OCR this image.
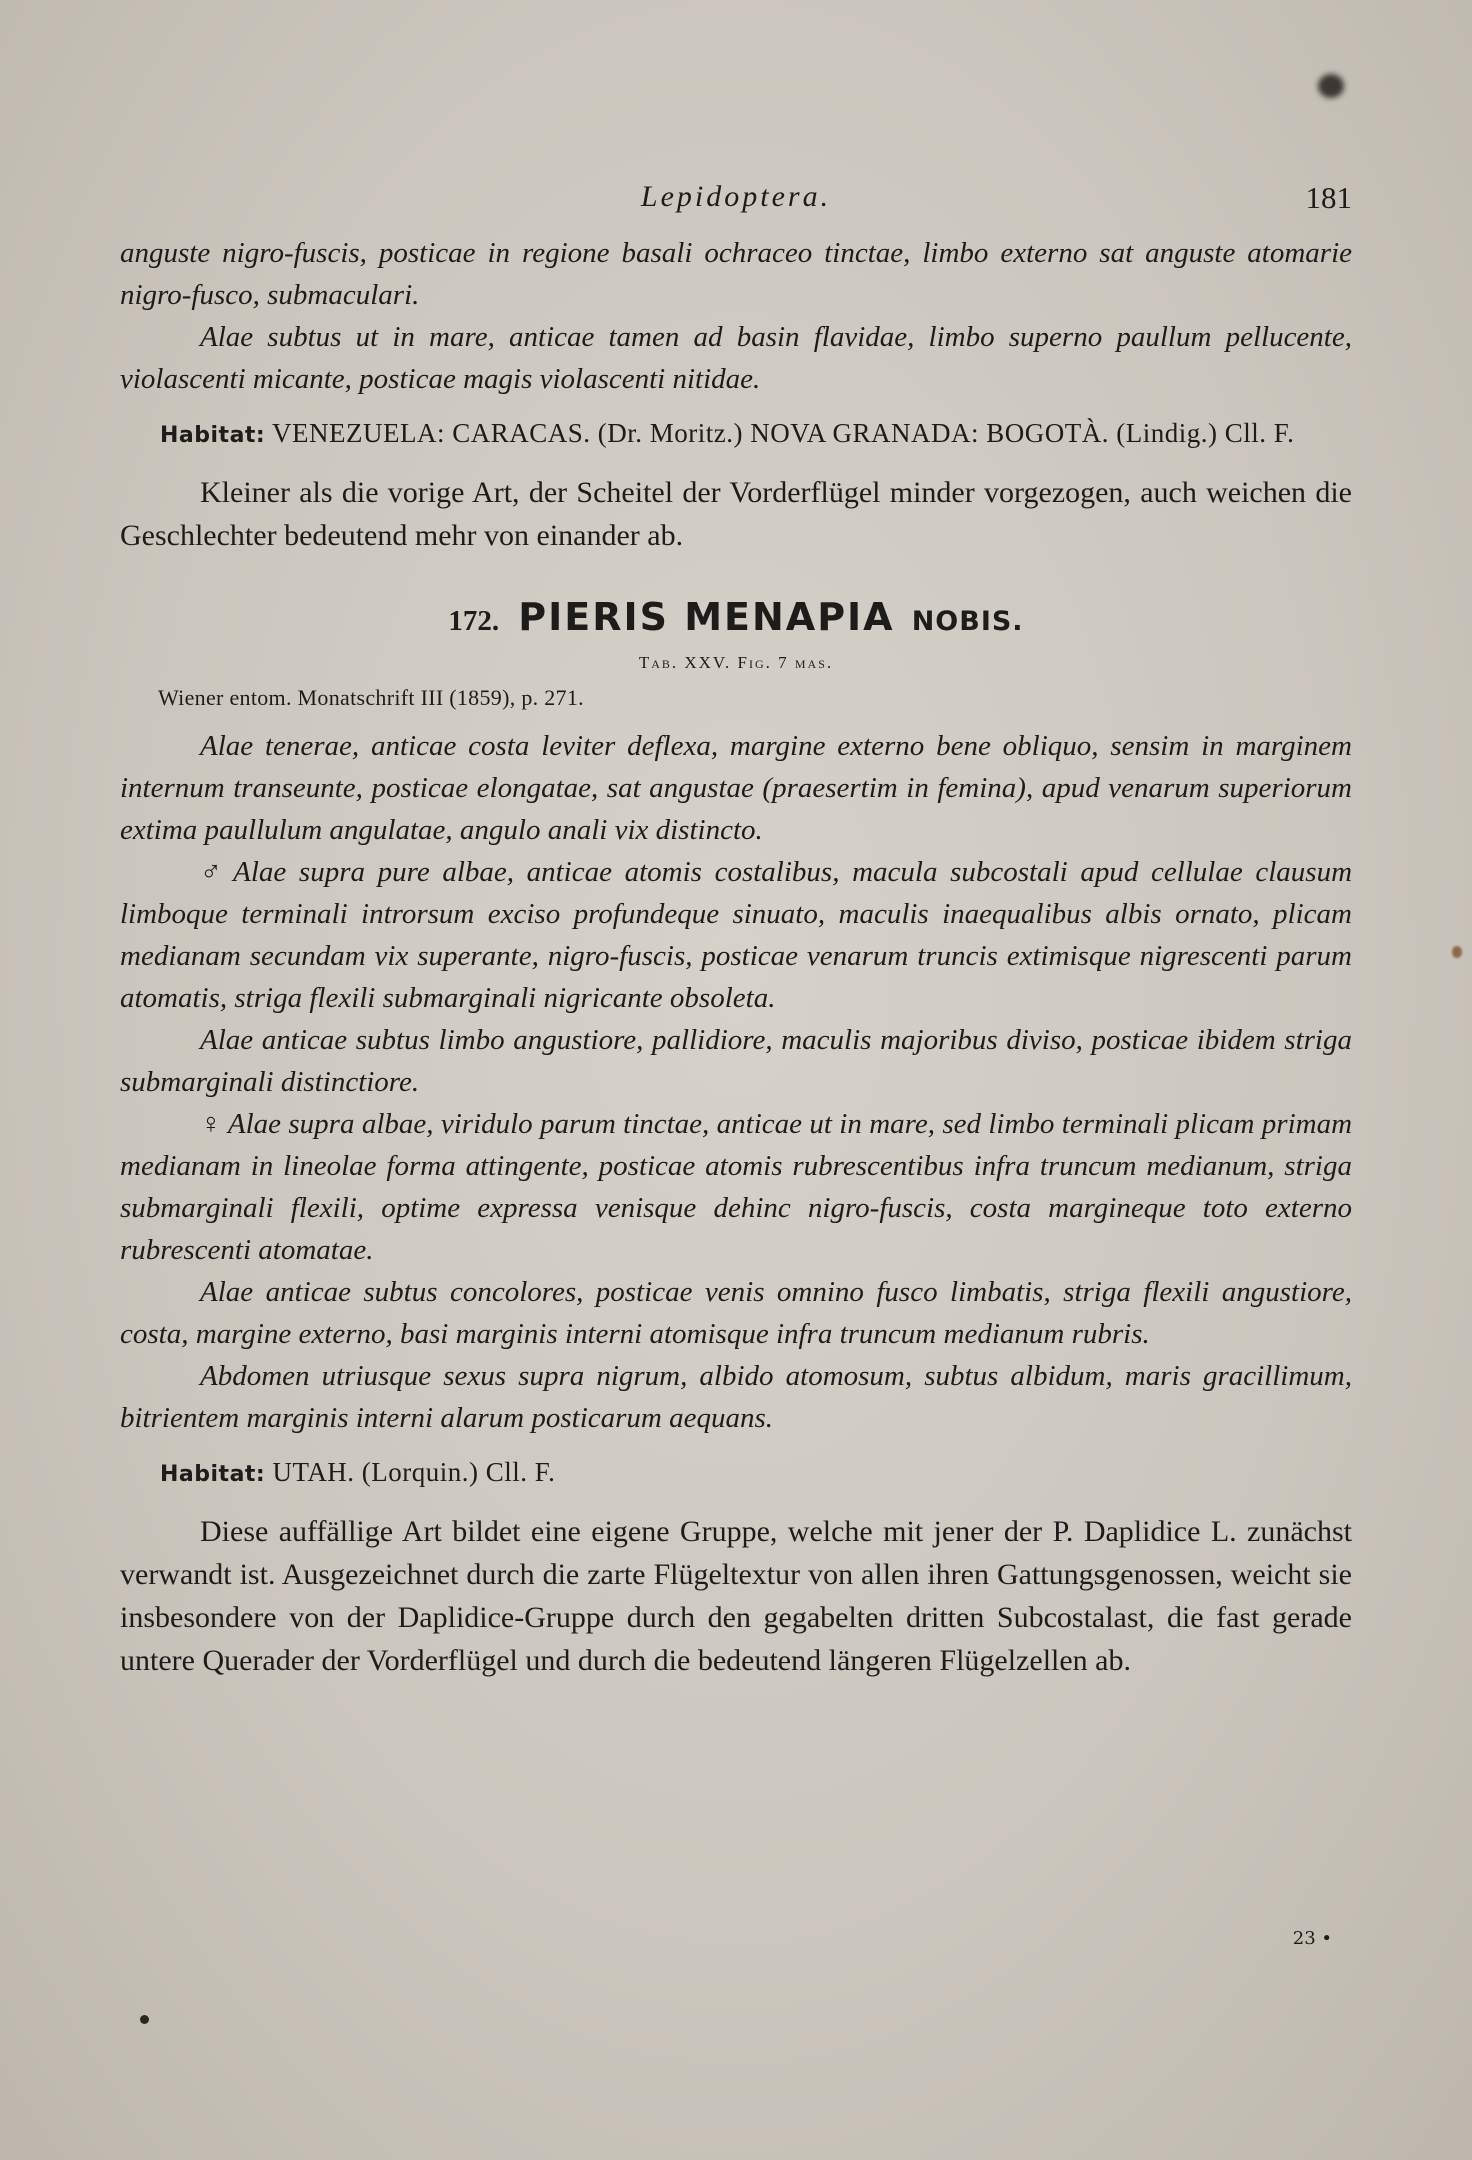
Lepidoptera.	181

anguste nigro-fuscis, posticae in regione basali ochraceo tinctae, limbo externo sat anguste atomarie nigro-fusco, submaculari.

Alae subtus ut in mare, anticae tamen ad basin flavidae, limbo superno paullum pellucente, violascenti micante, posticae magis violascenti nitidae.

Habitat: VENEZUELA: CARACAS. (Dr. Moritz.) NOVA GRANADA: BOGOTÀ. (Lindig.) Cll. F.

Kleiner als die vorige Art, der Scheitel der Vorderflügel minder vorgezogen, auch weichen die Geschlechter bedeutend mehr von einander ab.

172. PIERIS MENAPIA NOBIS.
Tab. XXV. Fig. 7 mas.
Wiener entom. Monatschrift III (1859), p. 271.

Alae tenerae, anticae costa leviter deflexa, margine externo bene obliquo, sensim in marginem internum transeunte, posticae elongatae, sat angustae (praesertim in femina), apud venarum superiorum extima paullulum angulatae, angulo anali vix distincto.

♂ Alae supra pure albae, anticae atomis costalibus, macula subcostali apud cellulae clausum limboque terminali introrsum exciso profundeque sinuato, maculis inaequalibus albis ornato, plicam medianam secundam vix superante, nigro-fuscis, posticae venarum truncis extimisque nigrescenti parum atomatis, striga flexili submarginali nigricante obsoleta.

Alae anticae subtus limbo angustiore, pallidiore, maculis majoribus diviso, posticae ibidem striga submarginali distinctiore.

♀ Alae supra albae, viridulo parum tinctae, anticae ut in mare, sed limbo terminali plicam primam medianam in lineolae forma attingente, posticae atomis rubrescentibus infra truncum medianum, striga submarginali flexili, optime expressa venisque dehinc nigro-fuscis, costa margineque toto externo rubrescenti atomatae.

Alae anticae subtus concolores, posticae venis omnino fusco limbatis, striga flexili angustiore, costa, margine externo, basi marginis interni atomisque infra truncum medianum rubris.

Abdomen utriusque sexus supra nigrum, albido atomosum, subtus albidum, maris gracillimum, bitrientem marginis interni alarum posticarum aequans.

Habitat: UTAH. (Lorquin.) Cll. F.

Diese auffällige Art bildet eine eigene Gruppe, welche mit jener der P. Daplidice L. zunächst verwandt ist. Ausgezeichnet durch die zarte Flügeltextur von allen ihren Gattungsgenossen, weicht sie insbesondere von der Daplidice-Gruppe durch den gegabelten dritten Subcostalast, die fast gerade untere Querader der Vorderflügel und durch die bedeutend längeren Flügelzellen ab.

23 •
